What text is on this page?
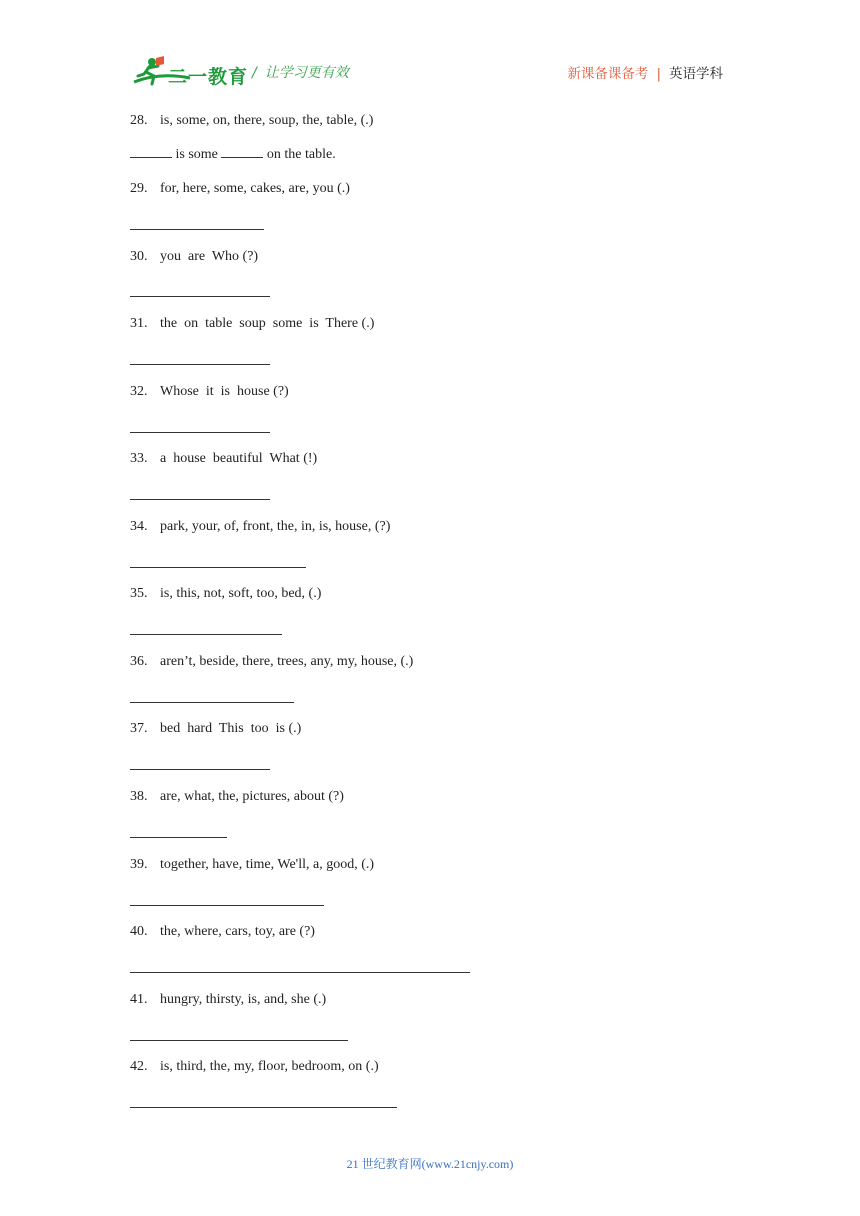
二一教育 / 让学习更有效	新课备课备考 | 英语学科
28. is, some, on, there, soup, the, table, (.)
is some	on the table.
29. for, here, some, cakes, are, you (.)
30. you  are  Who (?)
31. the  on  table  soup  some  is  There (.)
32. Whose  it  is  house (?)
33. a  house  beautiful  What (!)
34. park, your, of, front, the, in, is, house, (?)
35. is, this, not, soft, too, bed, (.)
36. aren’t, beside, there, trees, any, my, house, (.)
37. bed  hard  This  too  is (.)
38. are, what, the, pictures, about (?)
39. together, have, time, We'll, a, good, (.)
40. the, where, cars, toy, are (?)
41. hungry, thirsty, is, and, she (.)
42. is, third, the, my, floor, bedroom, on (.)
21 世纪教育网(www.21cnjy.com)
